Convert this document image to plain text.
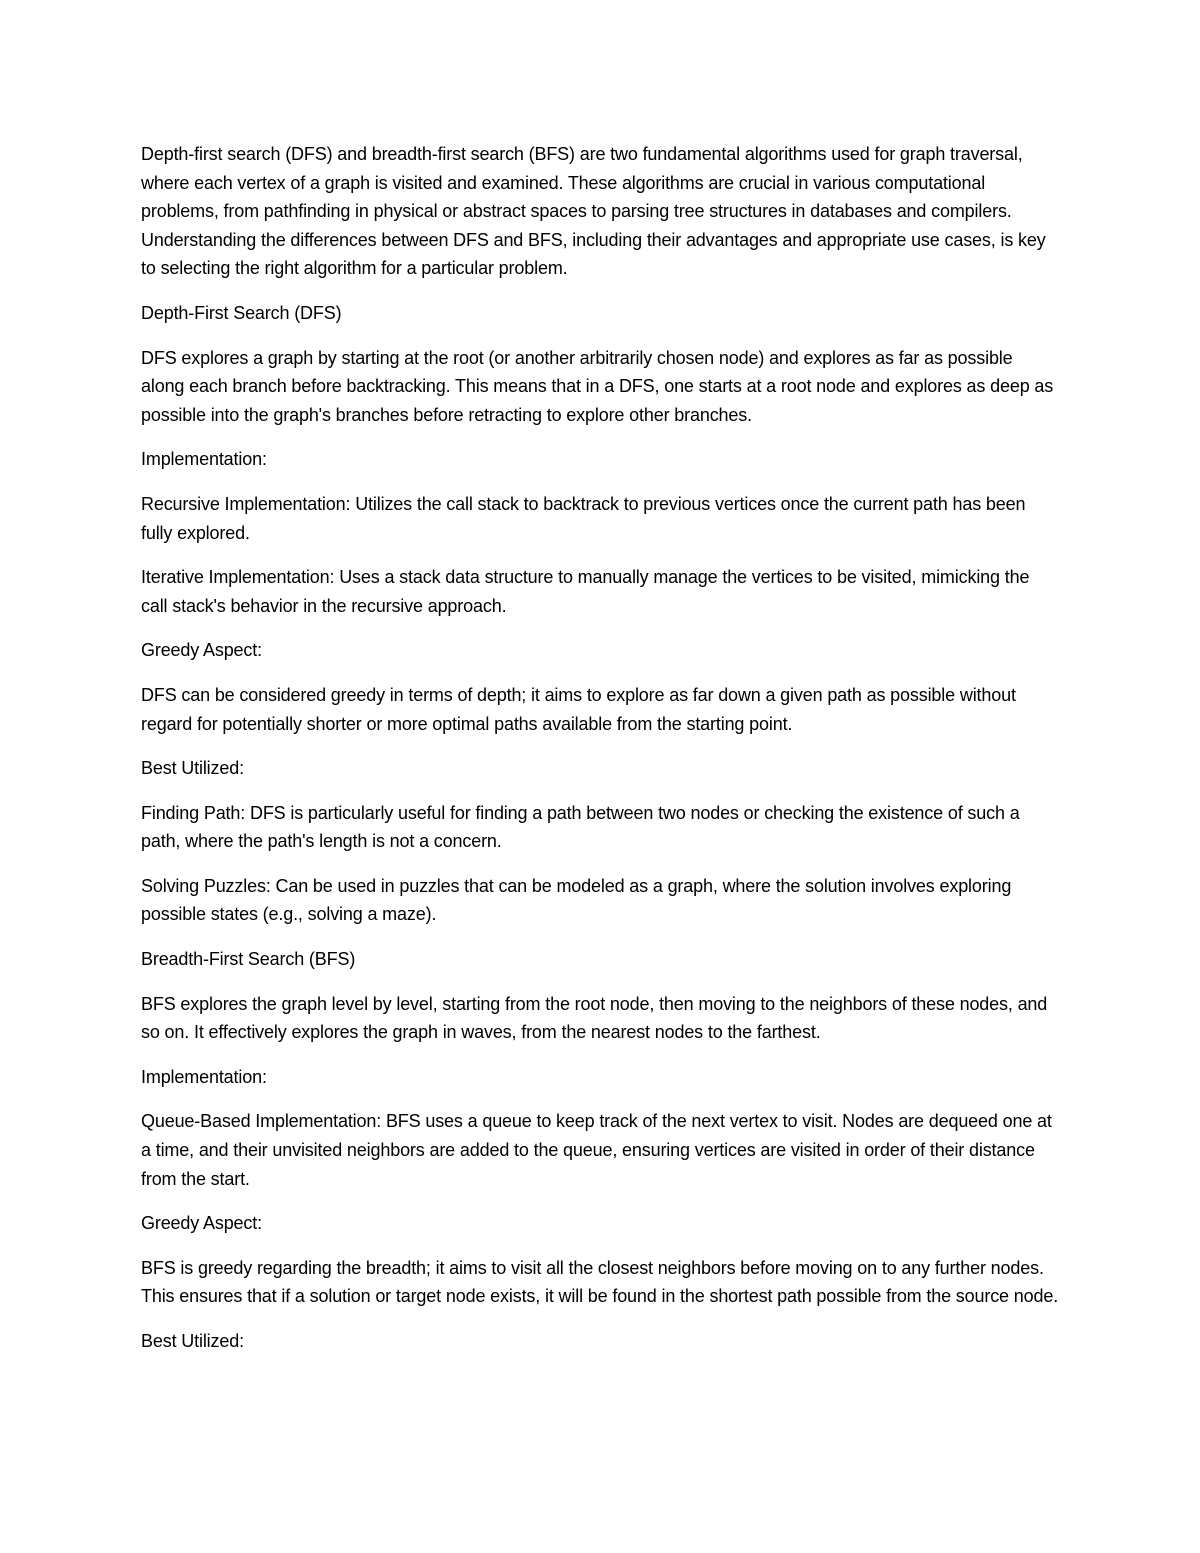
Depth-first search (DFS) and breadth-first search (BFS) are two fundamental algorithms used for graph traversal, where each vertex of a graph is visited and examined. These algorithms are crucial in various computational problems, from pathfinding in physical or abstract spaces to parsing tree structures in databases and compilers. Understanding the differences between DFS and BFS, including their advantages and appropriate use cases, is key to selecting the right algorithm for a particular problem.

Depth-First Search (DFS)

DFS explores a graph by starting at the root (or another arbitrarily chosen node) and explores as far as possible along each branch before backtracking. This means that in a DFS, one starts at a root node and explores as deep as possible into the graph's branches before retracting to explore other branches.

Implementation:

Recursive Implementation: Utilizes the call stack to backtrack to previous vertices once the current path has been fully explored.

Iterative Implementation: Uses a stack data structure to manually manage the vertices to be visited, mimicking the call stack's behavior in the recursive approach.

Greedy Aspect:

DFS can be considered greedy in terms of depth; it aims to explore as far down a given path as possible without regard for potentially shorter or more optimal paths available from the starting point.

Best Utilized:

Finding Path: DFS is particularly useful for finding a path between two nodes or checking the existence of such a path, where the path's length is not a concern.

Solving Puzzles: Can be used in puzzles that can be modeled as a graph, where the solution involves exploring possible states (e.g., solving a maze).

Breadth-First Search (BFS)

BFS explores the graph level by level, starting from the root node, then moving to the neighbors of these nodes, and so on. It effectively explores the graph in waves, from the nearest nodes to the farthest.

Implementation:

Queue-Based Implementation: BFS uses a queue to keep track of the next vertex to visit. Nodes are dequeed one at a time, and their unvisited neighbors are added to the queue, ensuring vertices are visited in order of their distance from the start.

Greedy Aspect:

BFS is greedy regarding the breadth; it aims to visit all the closest neighbors before moving on to any further nodes. This ensures that if a solution or target node exists, it will be found in the shortest path possible from the source node.

Best Utilized:
